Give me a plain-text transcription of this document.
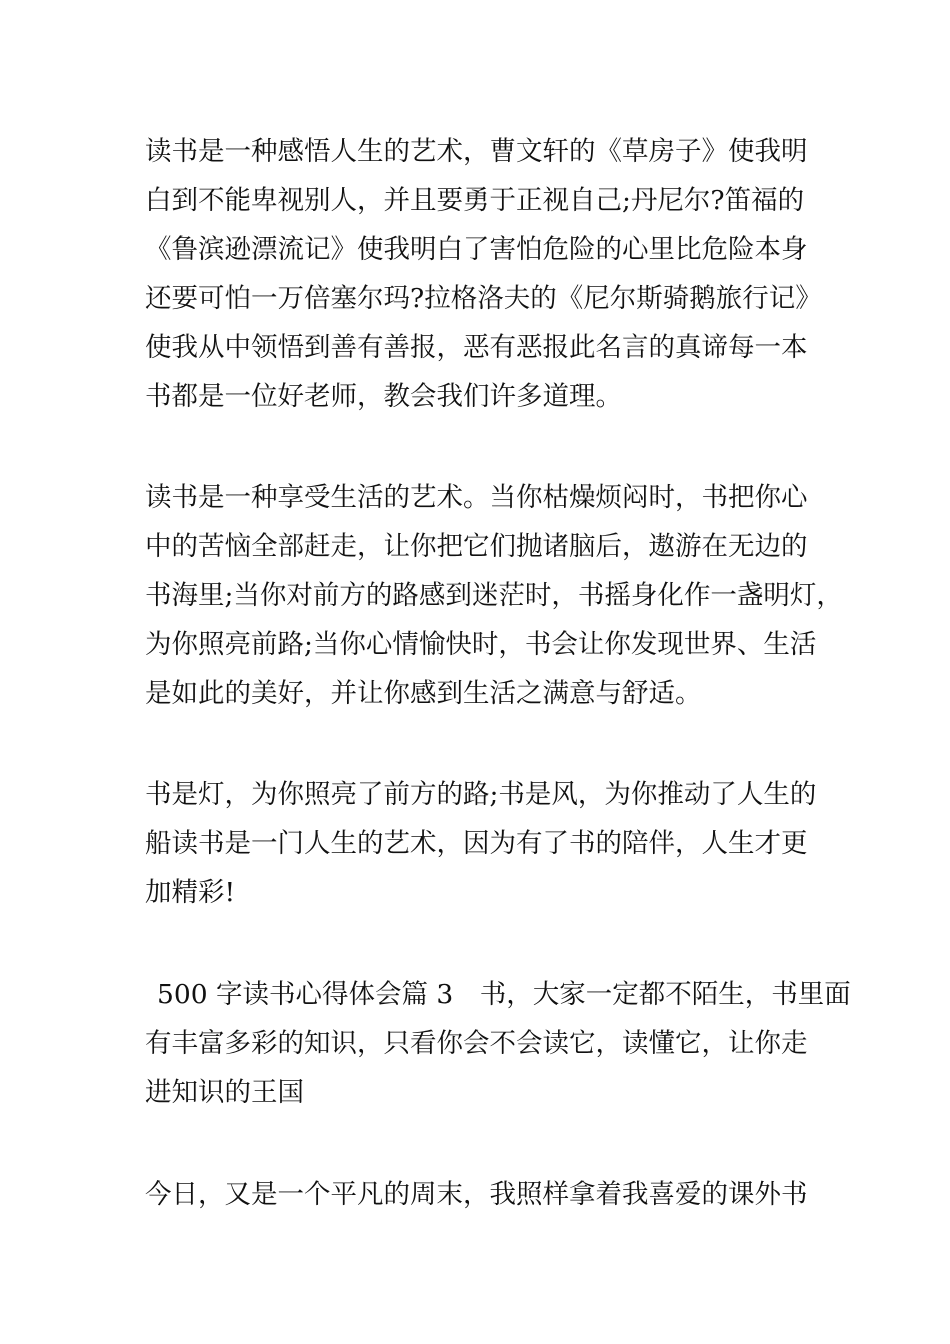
读书是一种感悟人生的艺术，曹文轩的《草房子》使我明
白到不能卑视别人，并且要勇于正视自己;丹尼尔?笛福的
《鲁滨逊漂流记》使我明白了害怕危险的心里比危险本身
还要可怕一万倍塞尔玛?拉格洛夫的《尼尔斯骑鹅旅行记》
使我从中领悟到善有善报，恶有恶报此名言的真谛每一本
书都是一位好老师，教会我们许多道理。
读书是一种享受生活的艺术。当你枯燥烦闷时，书把你心
中的苦恼全部赶走，让你把它们抛诸脑后，遨游在无边的
书海里;当你对前方的路感到迷茫时，书摇身化作一盏明灯，
为你照亮前路;当你心情愉快时，书会让你发现世界、生活
是如此的美好，并让你感到生活之满意与舒适。
书是灯，为你照亮了前方的路;书是风，为你推动了人生的
船读书是一门人生的艺术，因为有了书的陪伴，人生才更
加精彩!
500 字读书心得体会篇 3　书，大家一定都不陌生，书里面
有丰富多彩的知识，只看你会不会读它，读懂它，让你走
进知识的王国
今日，又是一个平凡的周末，我照样拿着我喜爱的课外书
